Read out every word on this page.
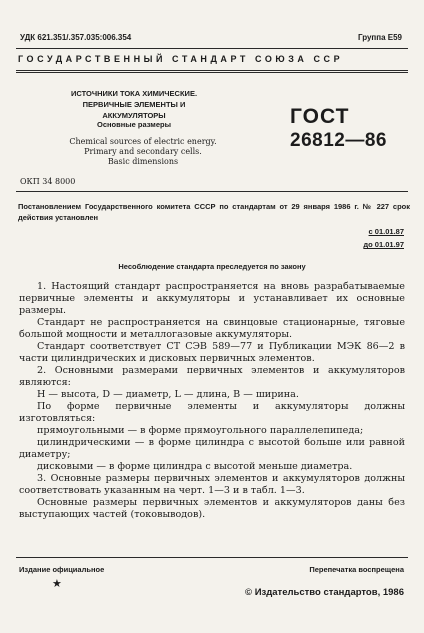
УДК 621.351/.357.035:006.354	Группа Е59
ГОСУДАРСТВЕННЫЙ СТАНДАРТ СОЮЗА ССР
ИСТОЧНИКИ ТОКА ХИМИЧЕСКИЕ.
ПЕРВИЧНЫЕ ЭЛЕМЕНТЫ И АККУМУЛЯТОРЫ
Основные размеры
Chemical sources of electric energy.
Primary and secondary cells.
Basic dimensions
ГОСТ
26812—86
ОКП 34 8000
Постановлением Государственного комитета СССР по стандартам от 29 января 1986 г. № 227 срок действия установлен
с 01.01.87
до 01.01.97
Несоблюдение стандарта преследуется по закону

1. Настоящий стандарт распространяется на вновь разрабатываемые первичные элементы и аккумуляторы и устанавливает их основные размеры.

Стандарт не распространяется на свинцовые стационарные, тяговые большой мощности и металлогазовые аккумуляторы.

Стандарт соответствует СТ СЭВ 589—77 и Публикации МЭК 86—2 в части цилиндрических и дисковых первичных элементов.

2. Основными размерами первичных элементов и аккумуляторов являются:

H — высота, D — диаметр, L — длина, B — ширина.

По форме первичные элементы и аккумуляторы должны изготовляться:

прямоугольными — в форме прямоугольного параллелепипеда;

цилиндрическими — в форме цилиндра с высотой больше или равной диаметру;

дисковыми — в форме цилиндра с высотой меньше диаметра.

3. Основные размеры первичных элементов и аккумуляторов должны соответствовать указанным на черт. 1—3 и в табл. 1—3.

Основные размеры первичных элементов и аккумуляторов даны без выступающих частей (токовыводов).

Издание официальное	Перепечатка воспрещена
★
© Издательство стандартов, 1986
